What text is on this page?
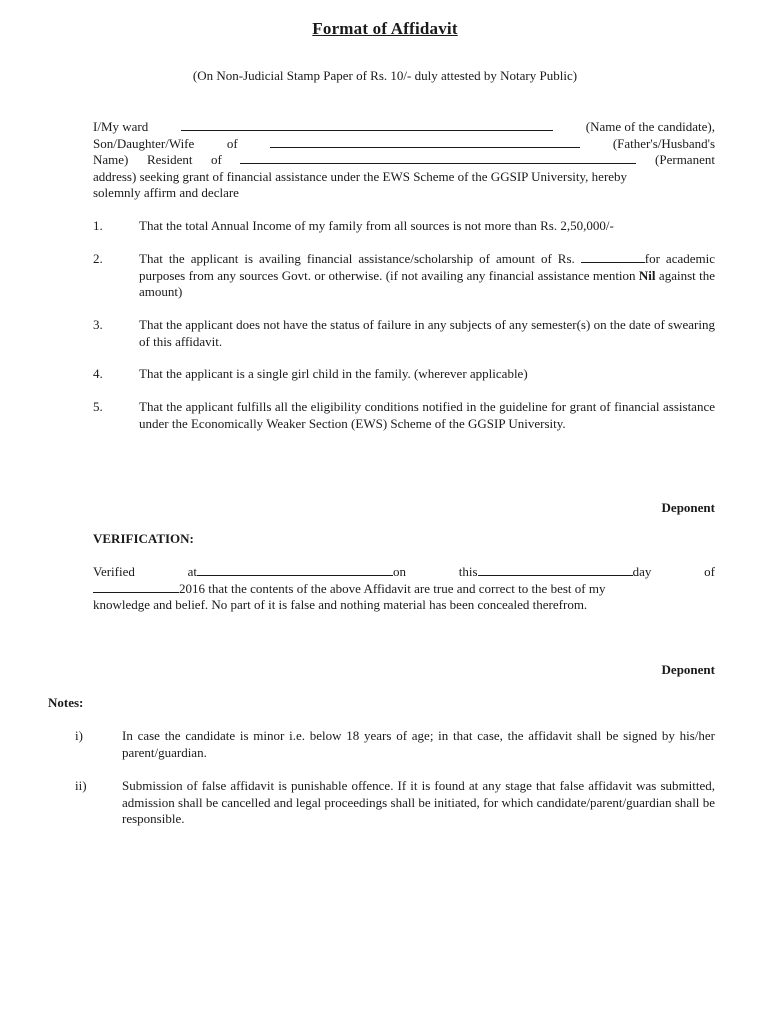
Format of Affidavit
(On Non-Judicial Stamp Paper of Rs. 10/- duly attested by Notary Public)
I/My ward	(Name of the candidate),
Son/Daughter/Wife	of	(Father's/Husband's
Name) Resident of	(Permanent
address) seeking grant of financial assistance under the EWS Scheme of the GGSIP University, hereby
solemnly affirm and declare
1.	That the total Annual Income of my family from all sources is not more than Rs. 2,50,000/-
2.	That the applicant is availing financial assistance/scholarship of amount of Rs.	for academic purposes from any sources Govt. or otherwise. (if not availing any financial assistance mention Nil against the amount)
3.	That the applicant does not have the status of failure in any subjects of any semester(s) on the date of swearing of this affidavit.
4.	That the applicant is a single girl child in the family. (wherever applicable)
5.	That the applicant fulfills all the eligibility conditions notified in the guideline for grant of financial assistance under the Economically Weaker Section (EWS) Scheme of the GGSIP University.
Deponent
VERIFICATION:
Verified	at	on	this	day	of
2016 that the contents of the above Affidavit are true and correct to the best of my
knowledge and belief. No part of it is false and nothing material has been concealed therefrom.
Deponent
Notes:
i)	In case the candidate is minor i.e. below 18 years of age; in that case, the affidavit shall be signed by his/her parent/guardian.
ii)	Submission of false affidavit is punishable offence. If it is found at any stage that false affidavit was submitted, admission shall be cancelled and legal proceedings shall be initiated, for which candidate/parent/guardian shall be responsible.
